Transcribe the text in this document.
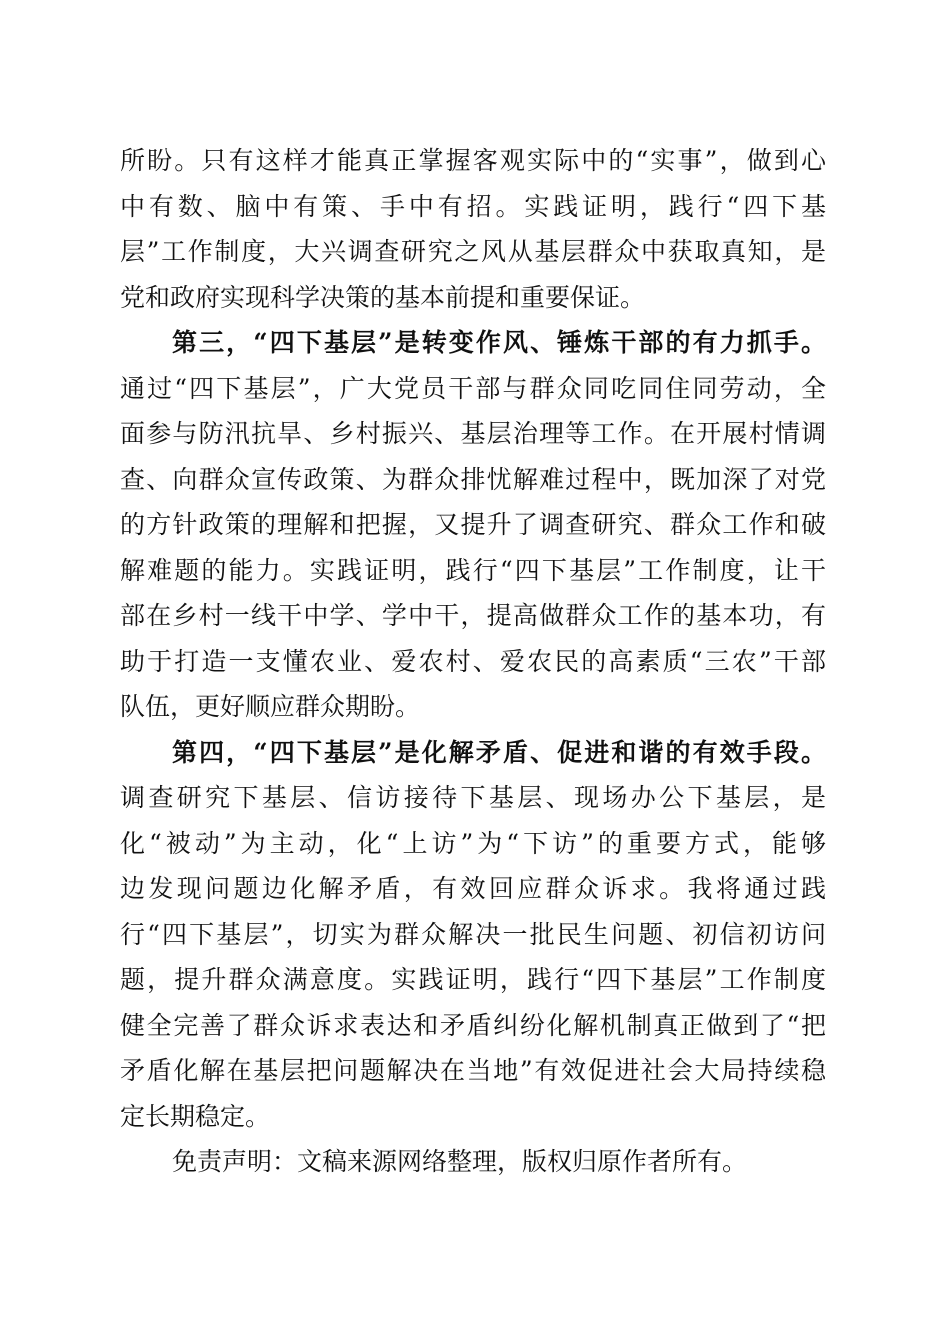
所盼。只有这样才能真正掌握客观实际中的“实事”，做到心
中有数、脑中有策、手中有招。实践证明，践行“四下基
层”工作制度，大兴调查研究之风从基层群众中获取真知，是
党和政府实现科学决策的基本前提和重要保证。
第三，“四下基层”是转变作风、锤炼干部的有力抓手。
通过“四下基层”，广大党员干部与群众同吃同住同劳动，全
面参与防汛抗旱、乡村振兴、基层治理等工作。在开展村情调
查、向群众宣传政策、为群众排忧解难过程中，既加深了对党
的方针政策的理解和把握，又提升了调查研究、群众工作和破
解难题的能力。实践证明，践行“四下基层”工作制度，让干
部在乡村一线干中学、学中干，提高做群众工作的基本功，有
助于打造一支懂农业、爱农村、爱农民的高素质“三农”干部
队伍，更好顺应群众期盼。
第四，“四下基层”是化解矛盾、促进和谐的有效手段。
调查研究下基层、信访接待下基层、现场办公下基层，是
化“被动”为主动，化“上访”为“下访”的重要方式，能够
边发现问题边化解矛盾，有效回应群众诉求。我将通过践
行“四下基层”，切实为群众解决一批民生问题、初信初访问
题，提升群众满意度。实践证明，践行“四下基层”工作制度
健全完善了群众诉求表达和矛盾纠纷化解机制真正做到了“把
矛盾化解在基层把问题解决在当地”有效促进社会大局持续稳
定长期稳定。
免责声明：文稿来源网络整理，版权归原作者所有。
